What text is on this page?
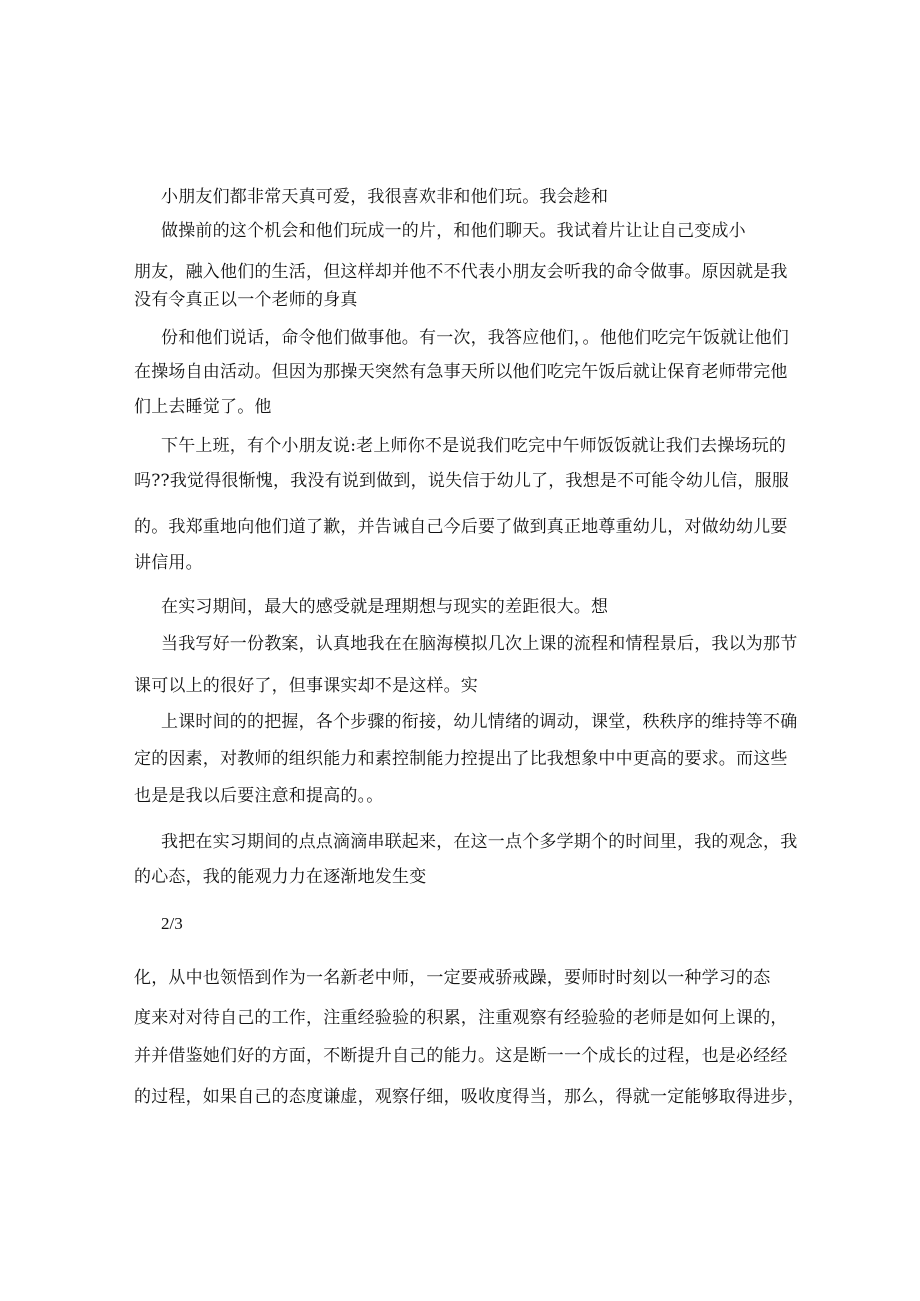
小朋友们都非常天真可爱，我很喜欢非和他们玩。我会趁和
做操前的这个机会和他们玩成一的片，和他们聊天。我试着片让让自己变成小
朋友，融入他们的生活，但这样却并他不不代表小朋友会听我的命令做事。原因就是我
没有令真正以一个老师的身真
份和他们说话，命令他们做事他。有一次，我答应他们，。他他们吃完午饭就让他们
在操场自由活动。但因为那操天突然有急事天所以他们吃完午饭后就让保育老师带完他
们上去睡觉了。他
下午上班，有个小朋友说:老上师你不是说我们吃完中午师饭饭就让我们去操场玩的
吗??我觉得很惭愧，我没有说到做到，说失信于幼儿了，我想是不可能令幼儿信，服服
的。我郑重地向他们道了歉，并告诫自己今后要了做到真正地尊重幼儿，对做幼幼儿要
讲信用。
在实习期间，最大的感受就是理期想与现实的差距很大。想
当我写好一份教案，认真地我在在脑海模拟几次上课的流程和情程景后，我以为那节
课可以上的很好了，但事课实却不是这样。实
上课时间的的把握，各个步骤的衔接，幼儿情绪的调动，课堂，秩秩序的维持等不确
定的因素，对教师的组织能力和素控制能力控提出了比我想象中中更高的要求。而这些
也是是我以后要注意和提高的。。
我把在实习期间的点点滴滴串联起来，在这一点个多学期个的时间里，我的观念，我
的心态，我的能观力力在逐渐地发生变
2/3
化，从中也领悟到作为一名新老中师，一定要戒骄戒躁，要师时时刻以一种学习的态
度来对对待自己的工作，注重经验验的积累，注重观察有经验验的老师是如何上课的，
并并借鉴她们好的方面，不断提升自己的能力。这是断一一个成长的过程，也是必经经
的过程，如果自己的态度谦虚，观察仔细，吸收度得当，那么，得就一定能够取得进步，
